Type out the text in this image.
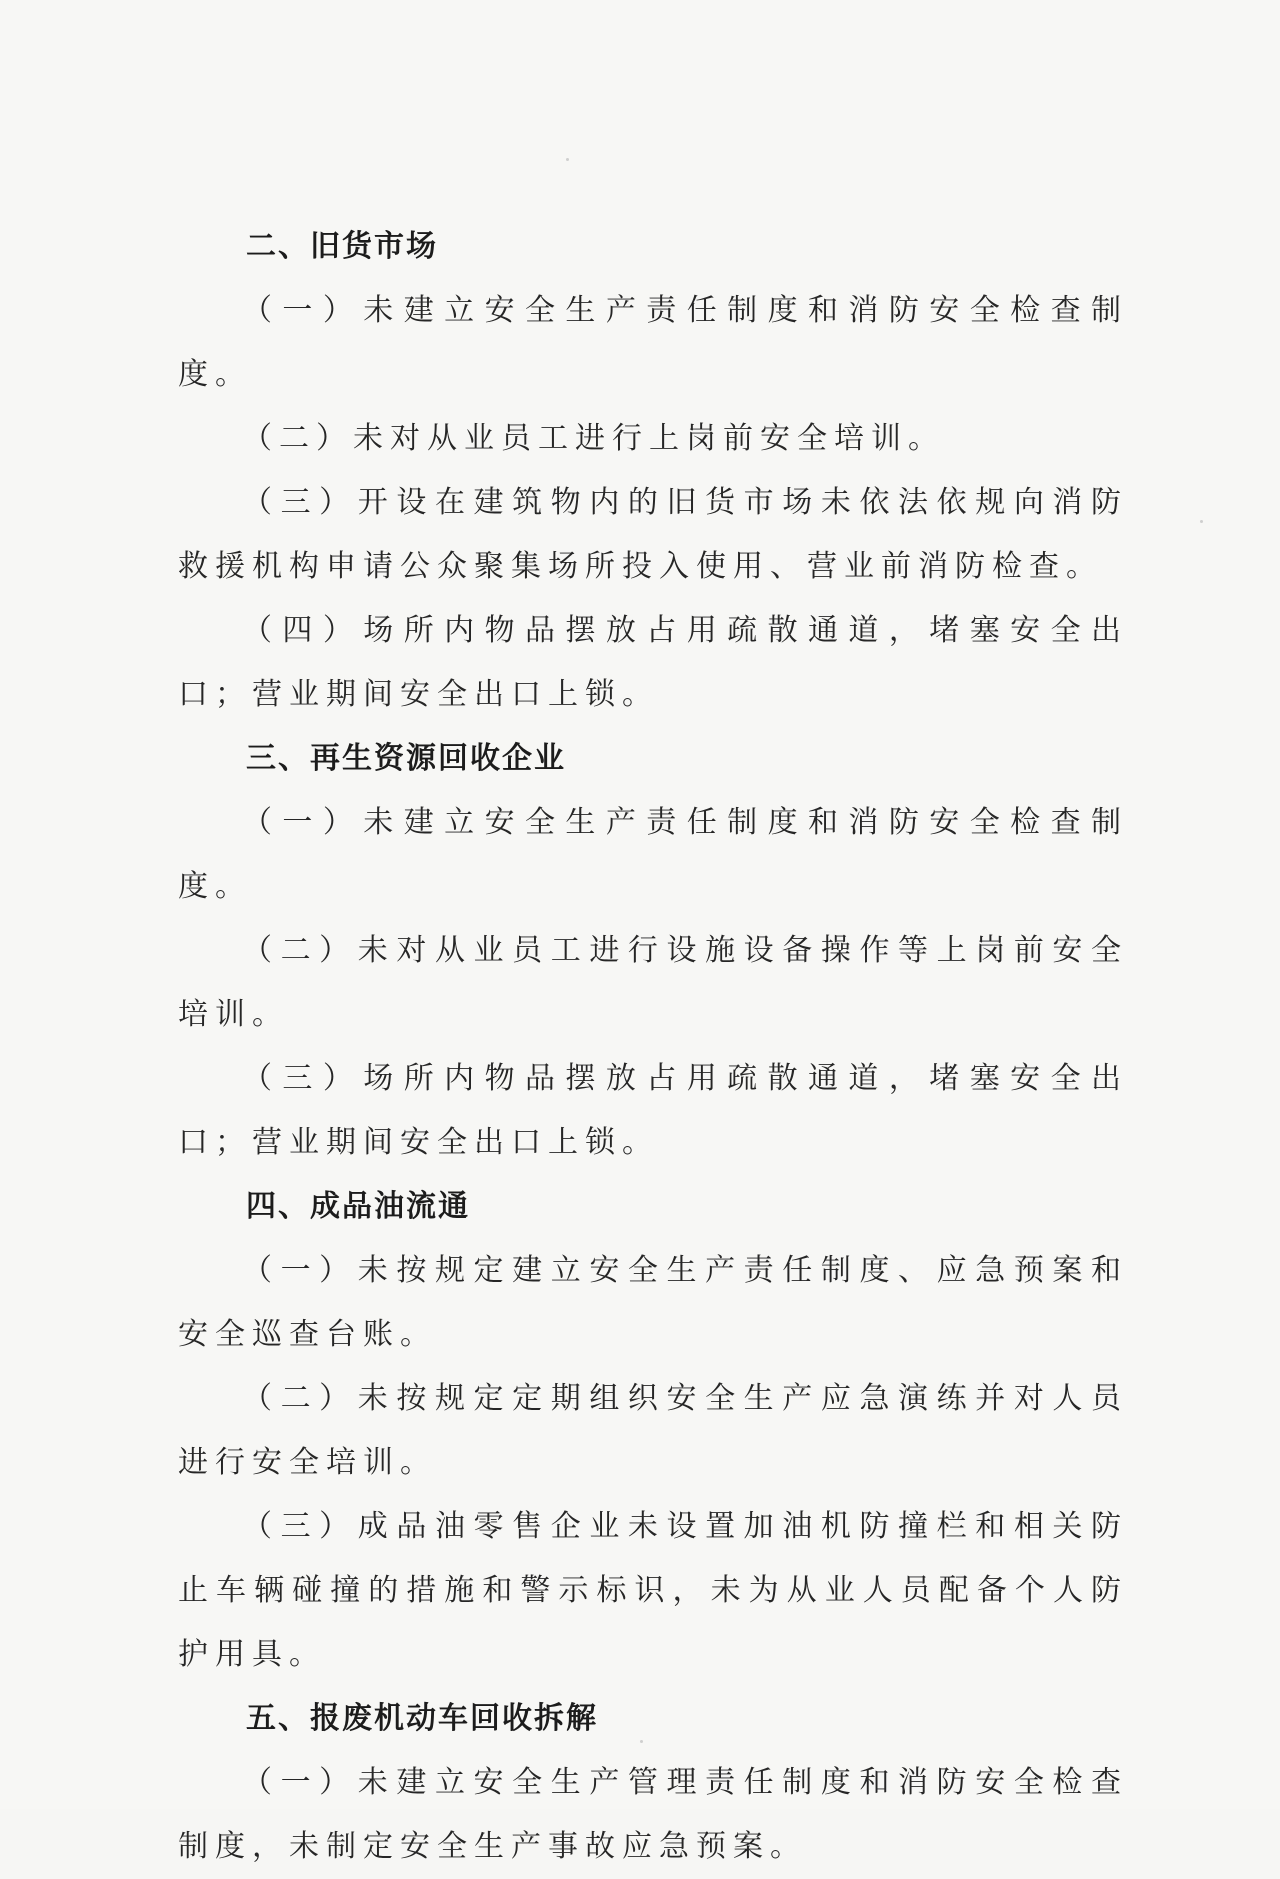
二、旧货市场

（一）未建立安全生产责任制度和消防安全检查制度。

（二）未对从业员工进行上岗前安全培训。

（三）开设在建筑物内的旧货市场未依法依规向消防救援机构申请公众聚集场所投入使用、营业前消防检查。

（四）场所内物品摆放占用疏散通道，堵塞安全出口；营业期间安全出口上锁。

三、再生资源回收企业

（一）未建立安全生产责任制度和消防安全检查制度。

（二）未对从业员工进行设施设备操作等上岗前安全培训。

（三）场所内物品摆放占用疏散通道，堵塞安全出口；营业期间安全出口上锁。

四、成品油流通

（一）未按规定建立安全生产责任制度、应急预案和安全巡查台账。

（二）未按规定定期组织安全生产应急演练并对人员进行安全培训。

（三）成品油零售企业未设置加油机防撞栏和相关防止车辆碰撞的措施和警示标识，未为从业人员配备个人防护用具。

五、报废机动车回收拆解

（一）未建立安全生产管理责任制度和消防安全检查制度，未制定安全生产事故应急预案。
